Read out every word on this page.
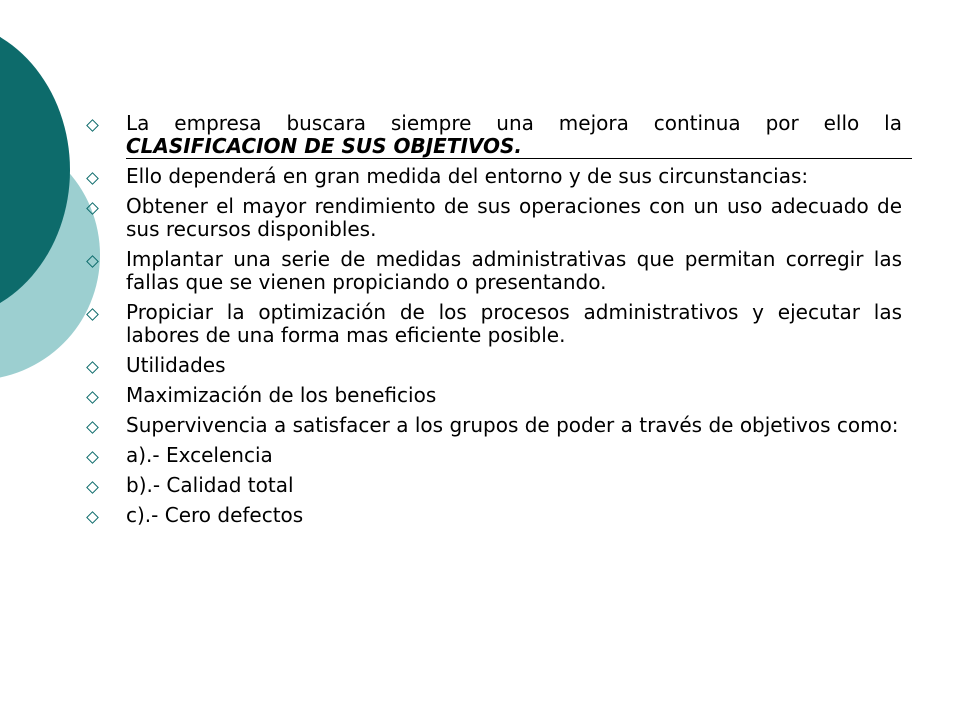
La empresa buscara siempre una mejora continua por ello la CLASIFICACION DE SUS OBJETIVOS.
Ello dependerá en gran medida del entorno y de sus circunstancias:
Obtener el mayor rendimiento de sus operaciones con un uso adecuado de sus recursos disponibles.
Implantar una serie de medidas administrativas que permitan corregir las fallas que se vienen propiciando o presentando.
Propiciar la optimización de los procesos administrativos y ejecutar las labores de una forma mas eficiente posible.
Utilidades
Maximización de los beneficios
Supervivencia a satisfacer a los grupos de poder a través de objetivos como:
a).- Excelencia
b).- Calidad total
c).- Cero defectos
